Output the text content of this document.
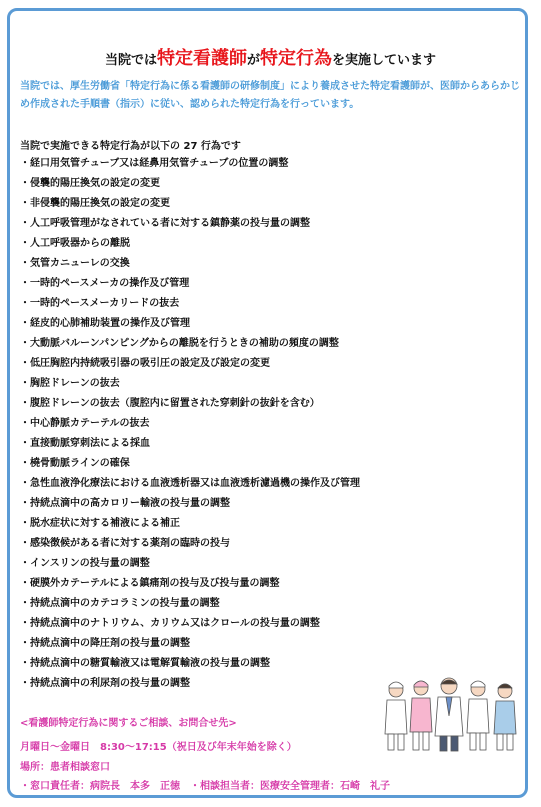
当院では特定看護師が特定行為を実施しています
当院では、厚生労働省「特定行為に係る看護師の研修制度」により養成させた特定看護師が、医師からあらかじめ作成された手順書（指示）に従い、認められた特定行為を行っています。
当院で実施できる特定行為が以下の 27 行為です
・経口用気管チューブ又は経鼻用気管チューブの位置の調整
・侵襲的陽圧換気の設定の変更
・非侵襲的陽圧換気の設定の変更
・人工呼吸管理がなされている者に対する鎮静薬の投与量の調整
・人工呼吸器からの離脱
・気管カニューレの交換
・一時的ペースメーカの操作及び管理
・一時的ペースメーカリードの抜去
・経皮的心肺補助装置の操作及び管理
・大動脈バルーンパンピングからの離脱を行うときの補助の頻度の調整
・低圧胸腔内持続吸引器の吸引圧の設定及び設定の変更
・胸腔ドレーンの抜去
・腹腔ドレーンの抜去（腹腔内に留置された穿刺針の抜針を含む）
・中心静脈カテーテルの抜去
・直接動脈穿刺法による採血
・橈骨動脈ラインの確保
・急性血液浄化療法における血液透析器又は血液透析濾過機の操作及び管理
・持続点滴中の高カロリー輸液の投与量の調整
・脱水症状に対する補液による補正
・感染徴候がある者に対する薬剤の臨時の投与
・インスリンの投与量の調整
・硬膜外カテーテルによる鎮痛剤の投与及び投与量の調整
・持続点滴中のカテコラミンの投与量の調整
・持続点滴中のナトリウム、カリウム又はクロールの投与量の調整
・持続点滴中の降圧剤の投与量の調整
・持続点滴中の糖質輸液又は電解質輸液の投与量の調整
・持続点滴中の利尿剤の投与量の調整
<看護師特定行為に関するご相談、お問合せ先>
月曜日～金曜日　8:30～17:15（祝日及び年末年始を除く）
場所：患者相談窓口
・窓口責任者：病院長　本多　正徳　・相談担当者：医療安全管理者：石崎　礼子
